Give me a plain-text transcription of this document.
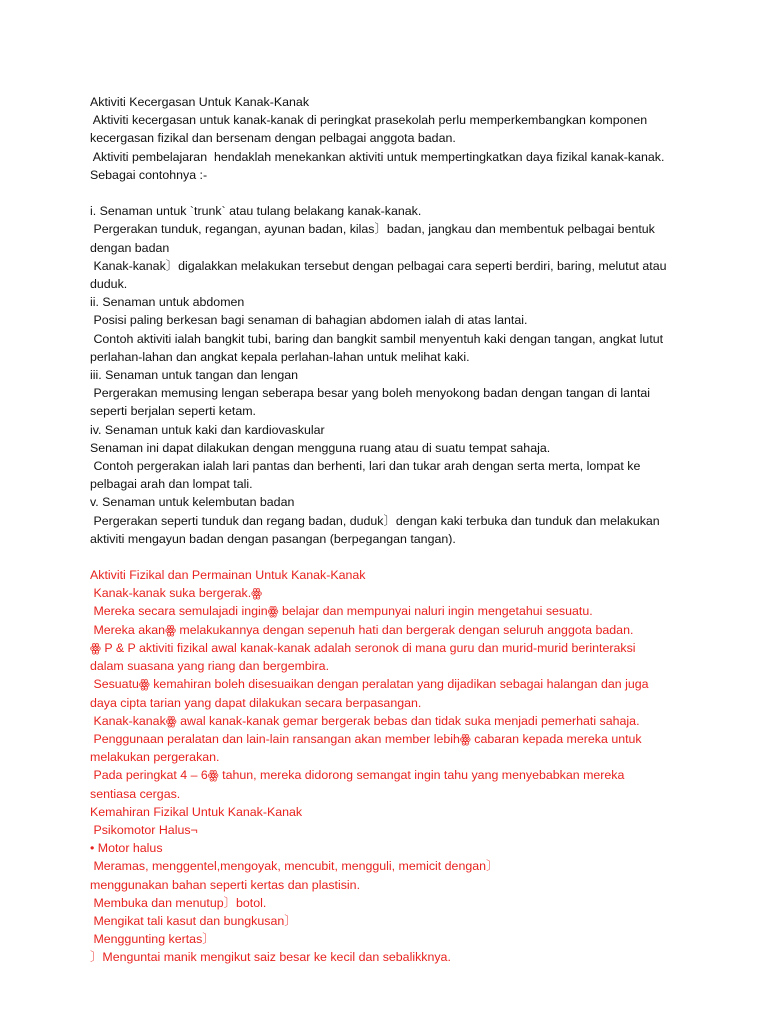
Aktiviti Kecergasan Untuk Kanak-Kanak
Aktiviti kecergasan untuk kanak-kanak di peringkat prasekolah perlu memperkembangkan komponen
kecergasan fizikal dan bersenam dengan pelbagai anggota badan.
Aktiviti pembelajaran  hendaklah menekankan aktiviti untuk mempertingkatkan daya fizikal kanak-kanak.
Sebagai contohnya :-

i. Senaman untuk `trunk` atau tulang belakang kanak-kanak.
Pergerakan tunduk, regangan, ayunan badan, kilas〕badan, jangkau dan membentuk pelbagai bentuk
dengan badan
Kanak-kanak〕digalakkan melakukan tersebut dengan pelbagai cara seperti berdiri, baring, melutut atau
duduk.
ii. Senaman untuk abdomen
Posisi paling berkesan bagi senaman di bahagian abdomen ialah di atas lantai.
Contoh aktiviti ialah bangkit tubi, baring dan bangkit sambil menyentuh kaki dengan tangan, angkat lutut
perlahan-lahan dan angkat kepala perlahan-lahan untuk melihat kaki.
iii. Senaman untuk tangan dan lengan
Pergerakan memusing lengan seberapa besar yang boleh menyokong badan dengan tangan di lantai
seperti berjalan seperti ketam.
iv. Senaman untuk kaki dan kardiovaskular
Senaman ini dapat dilakukan dengan mengguna ruang atau di suatu tempat sahaja.
Contoh pergerakan ialah lari pantas dan berhenti, lari dan tukar arah dengan serta merta, lompat ke
pelbagai arah dan lompat tali.
v. Senaman untuk kelembutan badan
Pergerakan seperti tunduk dan regang badan, duduk〕dengan kaki terbuka dan tunduk dan melakukan
aktiviti mengayun badan dengan pasangan (berpegangan tangan).
Aktiviti Fizikal dan Permainan Untuk Kanak-Kanak
Kanak-kanak suka bergerak.ꙮ
Mereka secara semulajadi inginꙮ belajar dan mempunyai naluri ingin mengetahui sesuatu.
Mereka akanꙮ melakukannya dengan sepenuh hati dan bergerak dengan seluruh anggota badan.
ꙮ P & P aktiviti fizikal awal kanak-kanak adalah seronok di mana guru dan murid-murid berinteraksi
dalam suasana yang riang dan bergembira.
Sesuatuꙮ kemahiran boleh disesuaikan dengan peralatan yang dijadikan sebagai halangan dan juga
daya cipta tarian yang dapat dilakukan secara berpasangan.
Kanak-kanakꙮ awal kanak-kanak gemar bergerak bebas dan tidak suka menjadi pemerhati sahaja.
Penggunaan peralatan dan lain-lain ransangan akan member lebihꙮ cabaran kepada mereka untuk
melakukan pergerakan.
Pada peringkat 4 – 6ꙮ tahun, mereka didorong semangat ingin tahu yang menyebabkan mereka
sentiasa cergas.
Kemahiran Fizikal Untuk Kanak-Kanak
Psikomotor Halus¬
• Motor halus
Meramas, menggentel,mengoyak, mencubit, mengguli, memicit dengan〕
menggunakan bahan seperti kertas dan plastisin.
Membuka dan menutup〕botol.
Mengikat tali kasut dan bungkusan〕
Menggunting kertas〕
〕Menguntai manik mengikut saiz besar ke kecil dan sebalikknya.
